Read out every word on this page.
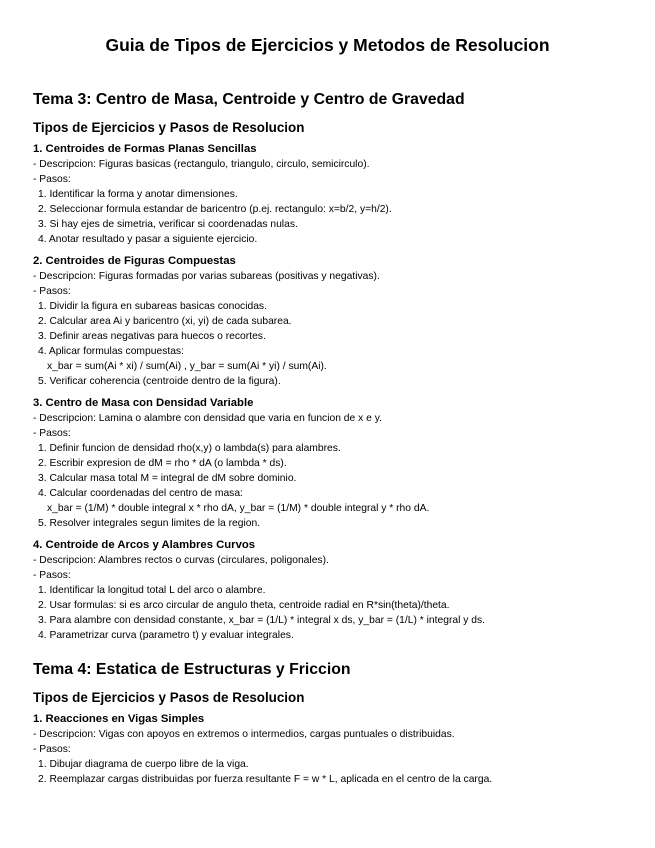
Guia de Tipos de Ejercicios y Metodos de Resolucion
Tema 3: Centro de Masa, Centroide y Centro de Gravedad
Tipos de Ejercicios y Pasos de Resolucion
1. Centroides de Formas Planas Sencillas
- Descripcion: Figuras basicas (rectangulo, triangulo, circulo, semicirculo).
- Pasos:
1. Identificar la forma y anotar dimensiones.
2. Seleccionar formula estandar de baricentro (p.ej. rectangulo: x=b/2, y=h/2).
3. Si hay ejes de simetria, verificar si coordenadas nulas.
4. Anotar resultado y pasar a siguiente ejercicio.
2. Centroides de Figuras Compuestas
- Descripcion: Figuras formadas por varias subareas (positivas y negativas).
- Pasos:
1. Dividir la figura en subareas basicas conocidas.
2. Calcular area Ai y baricentro (xi, yi) de cada subarea.
3. Definir areas negativas para huecos o recortes.
4. Aplicar formulas compuestas:
x_bar = sum(Ai * xi) / sum(Ai) , y_bar = sum(Ai * yi) / sum(Ai).
5. Verificar coherencia (centroide dentro de la figura).
3. Centro de Masa con Densidad Variable
- Descripcion: Lamina o alambre con densidad que varia en funcion de x e y.
- Pasos:
1. Definir funcion de densidad rho(x,y) o lambda(s) para alambres.
2. Escribir expresion de dM = rho * dA (o lambda * ds).
3. Calcular masa total M = integral de dM sobre dominio.
4. Calcular coordenadas del centro de masa:
x_bar = (1/M) * double integral x * rho dA, y_bar = (1/M) * double integral y * rho dA.
5. Resolver integrales segun limites de la region.
4. Centroide de Arcos y Alambres Curvos
- Descripcion: Alambres rectos o curvas (circulares, poligonales).
- Pasos:
1. Identificar la longitud total L del arco o alambre.
2. Usar formulas: si es arco circular de angulo theta, centroide radial en R*sin(theta)/theta.
3. Para alambre con densidad constante, x_bar = (1/L) * integral x ds, y_bar = (1/L) * integral y ds.
4. Parametrizar curva (parametro t) y evaluar integrales.
Tema 4: Estatica de Estructuras y Friccion
Tipos de Ejercicios y Pasos de Resolucion
1. Reacciones en Vigas Simples
- Descripcion: Vigas con apoyos en extremos o intermedios, cargas puntuales o distribuidas.
- Pasos:
1. Dibujar diagrama de cuerpo libre de la viga.
2. Reemplazar cargas distribuidas por fuerza resultante F = w * L, aplicada en el centro de la carga.
